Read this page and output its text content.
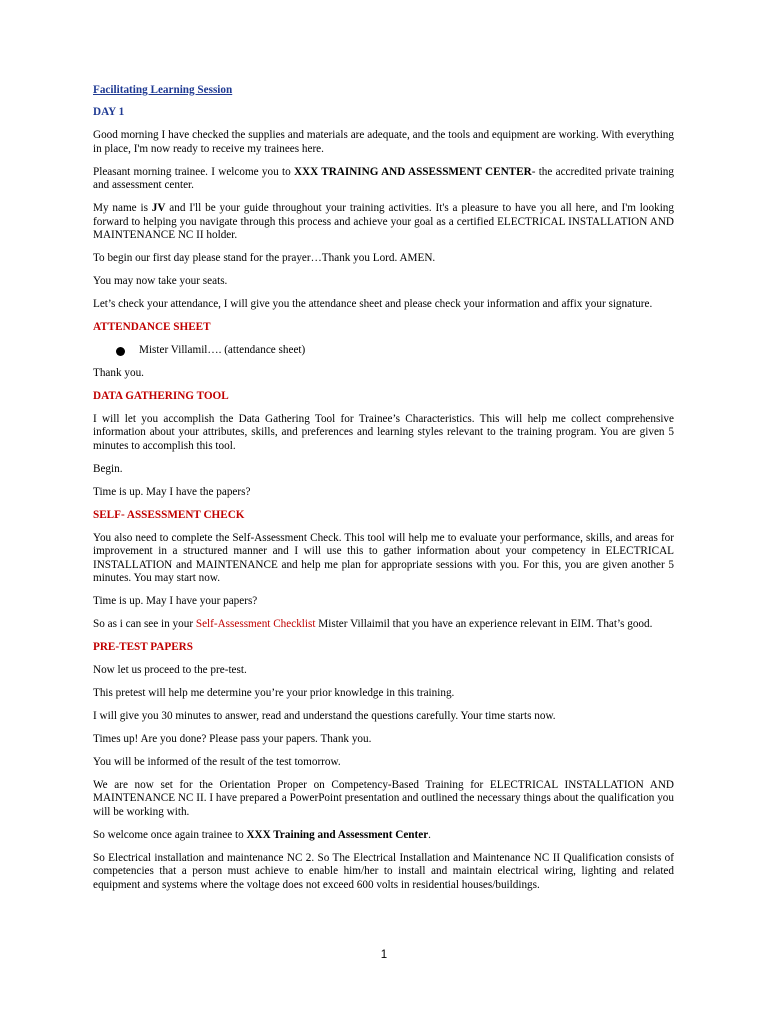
Facilitating Learning Session
DAY 1

Good morning I have checked the supplies and materials are adequate, and the tools and equipment are working. With everything in place, I'm now ready to receive my trainees here.

Pleasant morning trainee. I welcome you to XXX TRAINING AND ASSESSMENT CENTER- the accredited private training and assessment center.

My name is JV and I'll be your guide throughout your training activities. It's a pleasure to have you all here, and I'm looking forward to helping you navigate through this process and achieve your goal as a certified ELECTRICAL INSTALLATION AND MAINTENANCE NC II holder.

To begin our first day please stand for the prayer…Thank you Lord. AMEN.

You may now take your seats.

Let’s check your attendance, I will give you the attendance sheet and please check your information and affix your signature.

ATTENDANCE SHEET
Mister Villamil…. (attendance sheet)

Thank you.

DATA GATHERING TOOL

I will let you accomplish the Data Gathering Tool for Trainee’s Characteristics. This will help me collect comprehensive information about your attributes, skills, and preferences and learning styles relevant to the training program. You are given 5 minutes to accomplish this tool.

Begin.

Time is up. May I have the papers?

SELF- ASSESSMENT CHECK

You also need to complete the Self-Assessment Check. This tool will help me to evaluate your performance, skills, and areas for improvement in a structured manner and I will use this to gather information about your competency in ELECTRICAL INSTALLATION and MAINTENANCE and help me plan for appropriate sessions with you. For this, you are given another 5 minutes. You may start now.

Time is up. May I have your papers?

So as i can see in your Self-Assessment Checklist Mister Villaimil that you have an experience relevant in EIM. That’s good.

PRE-TEST PAPERS

Now let us proceed to the pre-test.

This pretest will help me determine you’re your prior knowledge in this training.

I will give you 30 minutes to answer, read and understand the questions carefully. Your time starts now.

Times up! Are you done? Please pass your papers. Thank you.

You will be informed of the result of the test tomorrow.

We are now set for the Orientation Proper on Competency-Based Training for ELECTRICAL INSTALLATION AND MAINTENANCE NC II. I have prepared a PowerPoint presentation and outlined the necessary things about the qualification you will be working with.

So welcome once again trainee to XXX Training and Assessment Center.

So Electrical installation and maintenance NC 2. So The Electrical Installation and Maintenance NC II Qualification consists of competencies that a person must achieve to enable him/her to install and maintain electrical wiring, lighting and related equipment and systems where the voltage does not exceed 600 volts in residential houses/buildings.

1
